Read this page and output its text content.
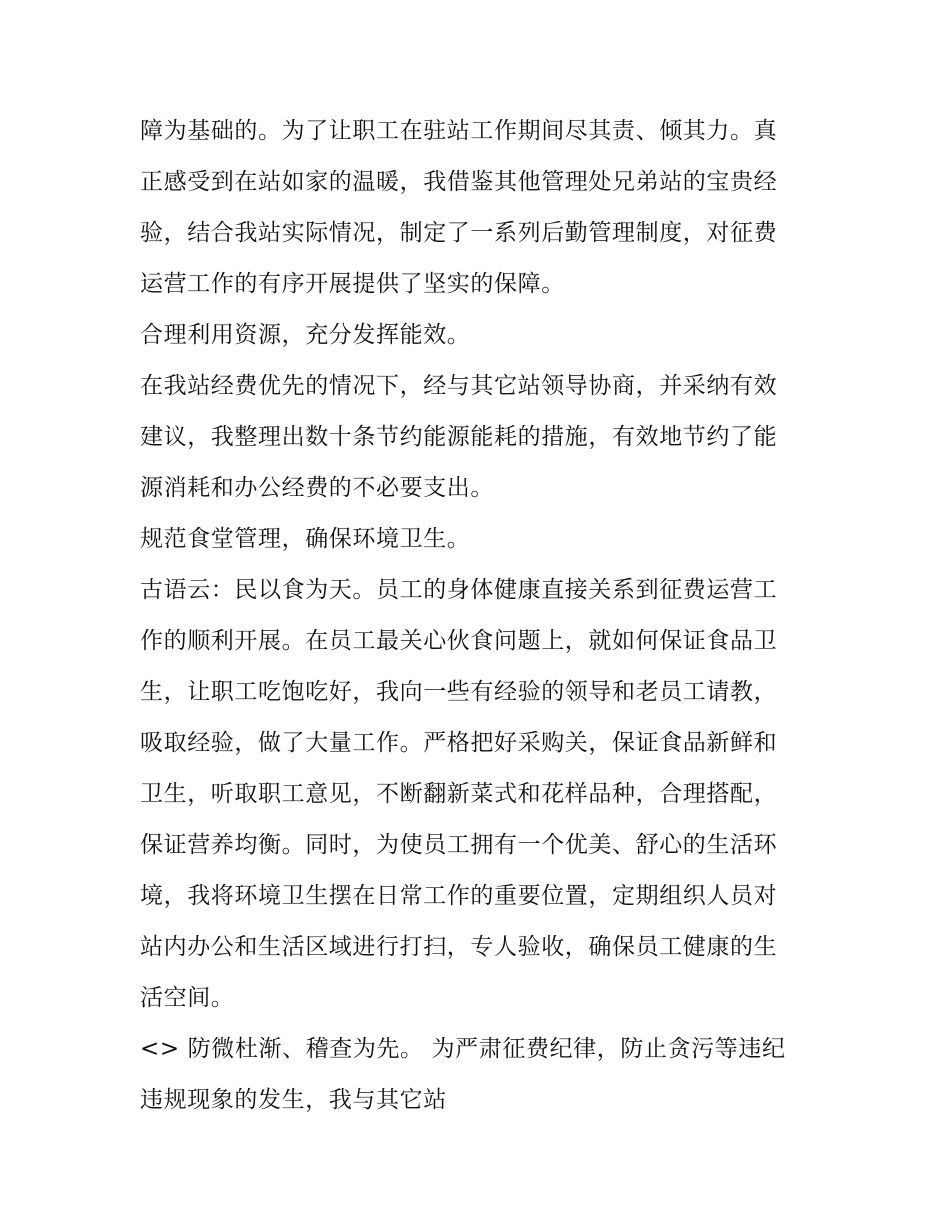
障为基础的。为了让职工在驻站工作期间尽其责、倾其力。真
正感受到在站如家的温暖，我借鉴其他管理处兄弟站的宝贵经
验，结合我站实际情况，制定了一系列后勤管理制度，对征费
运营工作的有序开展提供了坚实的保障。
合理利用资源，充分发挥能效。
在我站经费优先的情况下，经与其它站领导协商，并采纳有效
建议，我整理出数十条节约能源能耗的措施，有效地节约了能
源消耗和办公经费的不必要支出。
规范食堂管理，确保环境卫生。
古语云：民以食为天。员工的身体健康直接关系到征费运营工
作的顺利开展。在员工最关心伙食问题上，就如何保证食品卫
生，让职工吃饱吃好，我向一些有经验的领导和老员工请教，
吸取经验，做了大量工作。严格把好采购关，保证食品新鲜和
卫生，听取职工意见，不断翻新菜式和花样品种，合理搭配，
保证营养均衡。同时，为使员工拥有一个优美、舒心的生活环
境，我将环境卫生摆在日常工作的重要位置，定期组织人员对
站内办公和生活区域进行打扫，专人验收，确保员工健康的生
活空间。
<> 防微杜渐、稽查为先。 为严肃征费纪律，防止贪污等违纪
违规现象的发生，我与其它站
